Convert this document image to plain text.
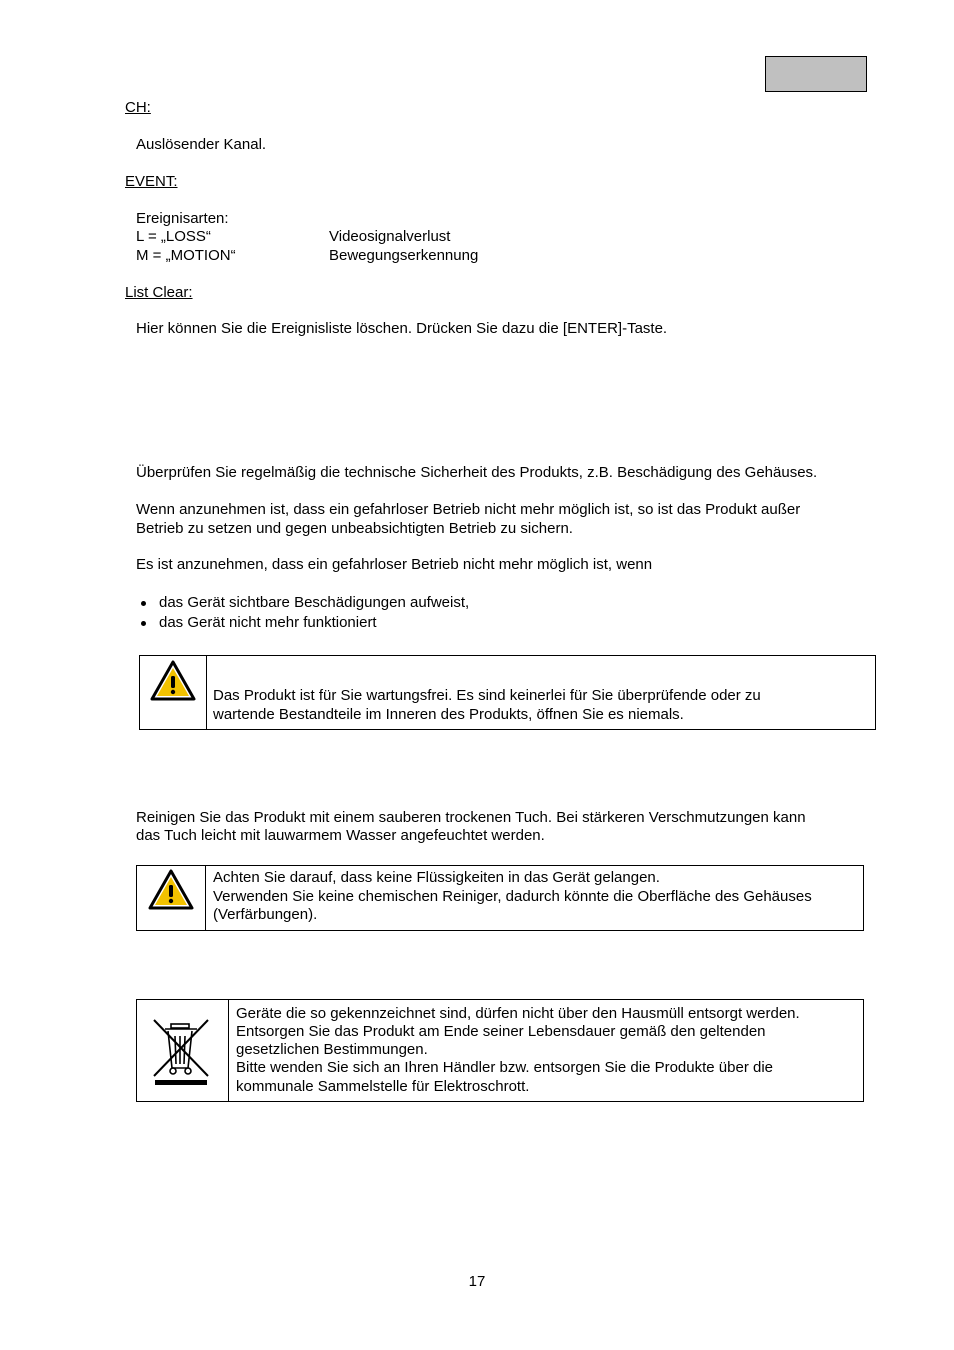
CH:
Auslösender Kanal.
EVENT:
Ereignisarten:
L = „LOSS“	Videosignalverlust
M = „MOTION“	Bewegungserkennung
List Clear:
Hier können Sie die Ereignisliste löschen. Drücken Sie dazu die [ENTER]-Taste.
Überprüfen Sie regelmäßig die technische Sicherheit des Produkts, z.B. Beschädigung des Gehäuses.
Wenn anzunehmen ist, dass ein gefahrloser Betrieb nicht mehr möglich ist, so ist das Produkt außer
Betrieb zu setzen und gegen unbeabsichtigten Betrieb zu sichern.
Es ist anzunehmen, dass ein gefahrloser Betrieb nicht mehr möglich ist, wenn
das Gerät sichtbare Beschädigungen aufweist,
das Gerät nicht mehr funktioniert
Das Produkt ist für Sie wartungsfrei. Es sind keinerlei für Sie überprüfende oder zu
wartende Bestandteile im Inneren des Produkts, öffnen Sie es niemals.
Reinigen Sie das Produkt mit einem sauberen trockenen Tuch. Bei stärkeren Verschmutzungen kann
das Tuch leicht mit lauwarmem Wasser angefeuchtet werden.
Achten Sie darauf, dass keine Flüssigkeiten in das Gerät gelangen.
Verwenden Sie keine chemischen Reiniger, dadurch könnte die Oberfläche des Gehäuses
(Verfärbungen).
Geräte die so gekennzeichnet sind, dürfen nicht über den Hausmüll entsorgt werden.
Entsorgen Sie das Produkt am Ende seiner Lebensdauer gemäß den geltenden
gesetzlichen Bestimmungen.
Bitte wenden Sie sich an Ihren Händler bzw. entsorgen Sie die Produkte über die
kommunale Sammelstelle für Elektroschrott.
17
